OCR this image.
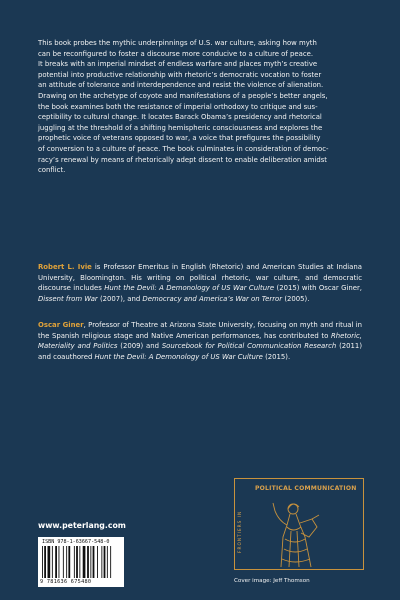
This book probes the mythic underpinnings of U.S. war culture, asking how myth
can be reconfigured to foster a discourse more conducive to a culture of peace.
It breaks with an imperial mindset of endless warfare and places myth’s creative
potential into productive relationship with rhetoric’s democratic vocation to foster
an attitude of tolerance and interdependence and resist the violence of alienation.
Drawing on the archetype of coyote and manifestations of a people’s better angels,
the book examines both the resistance of imperial orthodoxy to critique and sus-
ceptibility to cultural change. It locates Barack Obama’s presidency and rhetorical
juggling at the threshold of a shifting hemispheric consciousness and explores the
prophetic voice of veterans opposed to war, a voice that prefigures the possibility
of conversion to a culture of peace. The book culminates in consideration of democ-
racy’s renewal by means of rhetorically adept dissent to enable deliberation amidst
conflict.

Robert L. Ivie is Professor Emeritus in English (Rhetoric) and American Studies at Indiana University, Bloomington. His writing on political rhetoric, war culture, and democratic discourse includes Hunt the Devil: A Demonology of US War Culture (2015) with Oscar Giner, Dissent from War (2007), and Democracy and America’s War on Terror (2005).

Oscar Giner, Professor of Theatre at Arizona State University, focusing on myth and ritual in the Spanish religious stage and Native American performances, has contributed to Rhetoric, Materiality and Politics (2009) and Sourcebook for Political Communication Research (2011) and coauthored Hunt the Devil: A Demonology of US War Culture (2015).

POLITICAL COMMUNICATION
FRONTIERS IN
www.peterlang.com
ISBN 978-1-63667-548-0
9 781636 675480	Cover image: Jeff Thomson
